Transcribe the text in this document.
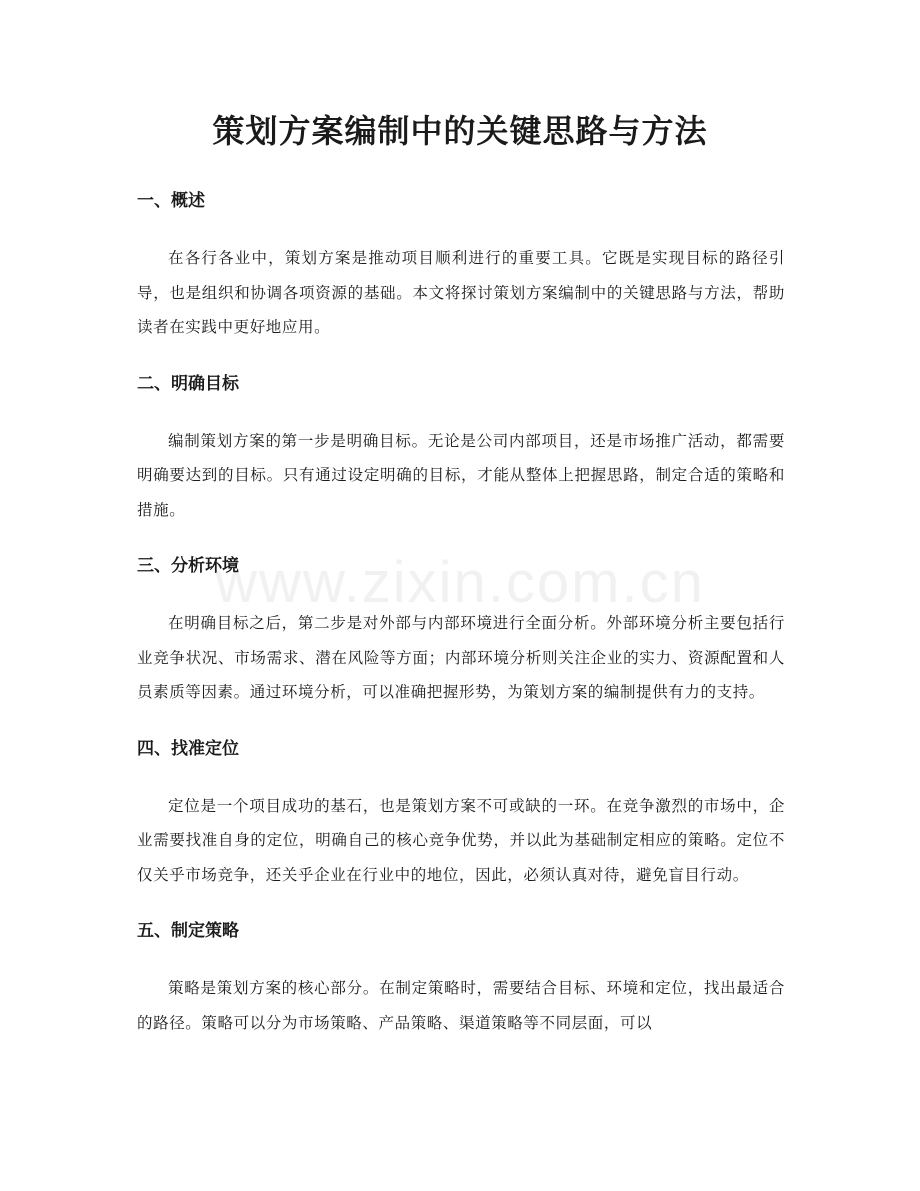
www.zixin.com.cn
策划方案编制中的关键思路与方法
一、概述

在各行各业中，策划方案是推动项目顺利进行的重要工具。它既是实现目标的路径引导，也是组织和协调各项资源的基础。本文将探讨策划方案编制中的关键思路与方法，帮助读者在实践中更好地应用。

二、明确目标

编制策划方案的第一步是明确目标。无论是公司内部项目，还是市场推广活动，都需要明确要达到的目标。只有通过设定明确的目标，才能从整体上把握思路，制定合适的策略和措施。

三、分析环境

在明确目标之后，第二步是对外部与内部环境进行全面分析。外部环境分析主要包括行业竞争状况、市场需求、潜在风险等方面；内部环境分析则关注企业的实力、资源配置和人员素质等因素。通过环境分析，可以准确把握形势，为策划方案的编制提供有力的支持。

四、找准定位

定位是一个项目成功的基石，也是策划方案不可或缺的一环。在竞争激烈的市场中，企业需要找准自身的定位，明确自己的核心竞争优势，并以此为基础制定相应的策略。定位不仅关乎市场竞争，还关乎企业在行业中的地位，因此，必须认真对待，避免盲目行动。

五、制定策略

策略是策划方案的核心部分。在制定策略时，需要结合目标、环境和定位，找出最适合的路径。策略可以分为市场策略、产品策略、渠道策略等不同层面，可以
